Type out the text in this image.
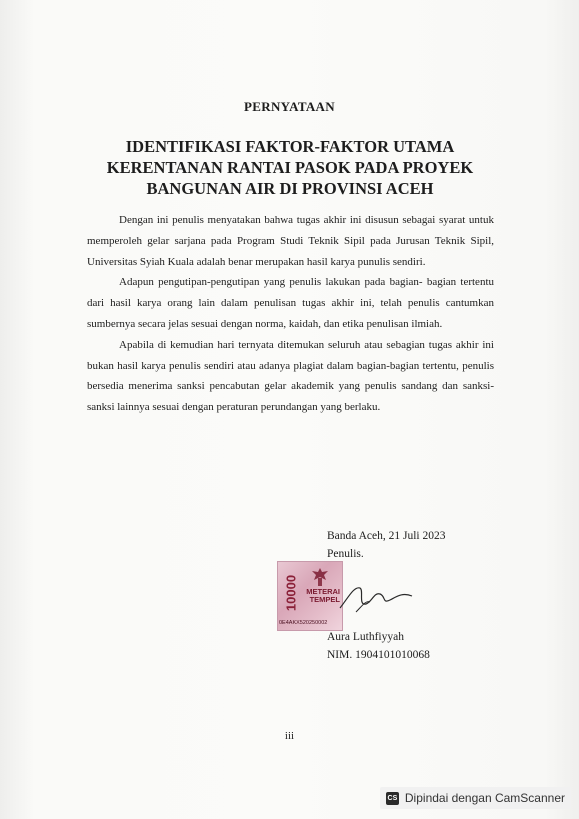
PERNYATAAN
IDENTIFIKASI FAKTOR-FAKTOR UTAMA
KERENTANAN RANTAI PASOK PADA PROYEK
BANGUNAN AIR DI PROVINSI ACEH

Dengan ini penulis menyatakan bahwa tugas akhir ini disusun sebagai syarat untuk memperoleh gelar sarjana pada Program Studi Teknik Sipil pada Jurusan Teknik Sipil, Universitas Syiah Kuala adalah benar merupakan hasil karya punulis sendiri.

Adapun pengutipan-pengutipan yang penulis lakukan pada bagian- bagian tertentu dari hasil karya orang lain dalam penulisan tugas akhir ini, telah penulis cantumkan sumbernya secara jelas sesuai dengan norma, kaidah, dan etika penulisan ilmiah.

Apabila di kemudian hari ternyata ditemukan seluruh atau sebagian tugas akhir ini bukan hasil karya penulis sendiri atau adanya plagiat dalam bagian-bagian tertentu, penulis bersedia menerima sanksi pencabutan gelar akademik yang penulis sandang dan sanksi-sanksi lainnya sesuai dengan peraturan perundangan yang berlaku.

Banda Aceh, 21 Juli 2023
Penulis.
10000	METERAI
TEMPEL
0E4AKX520250002
Aura Luthfiyyah
NIM. 1904101010068
iii
CS Dipindai dengan CamScanner
